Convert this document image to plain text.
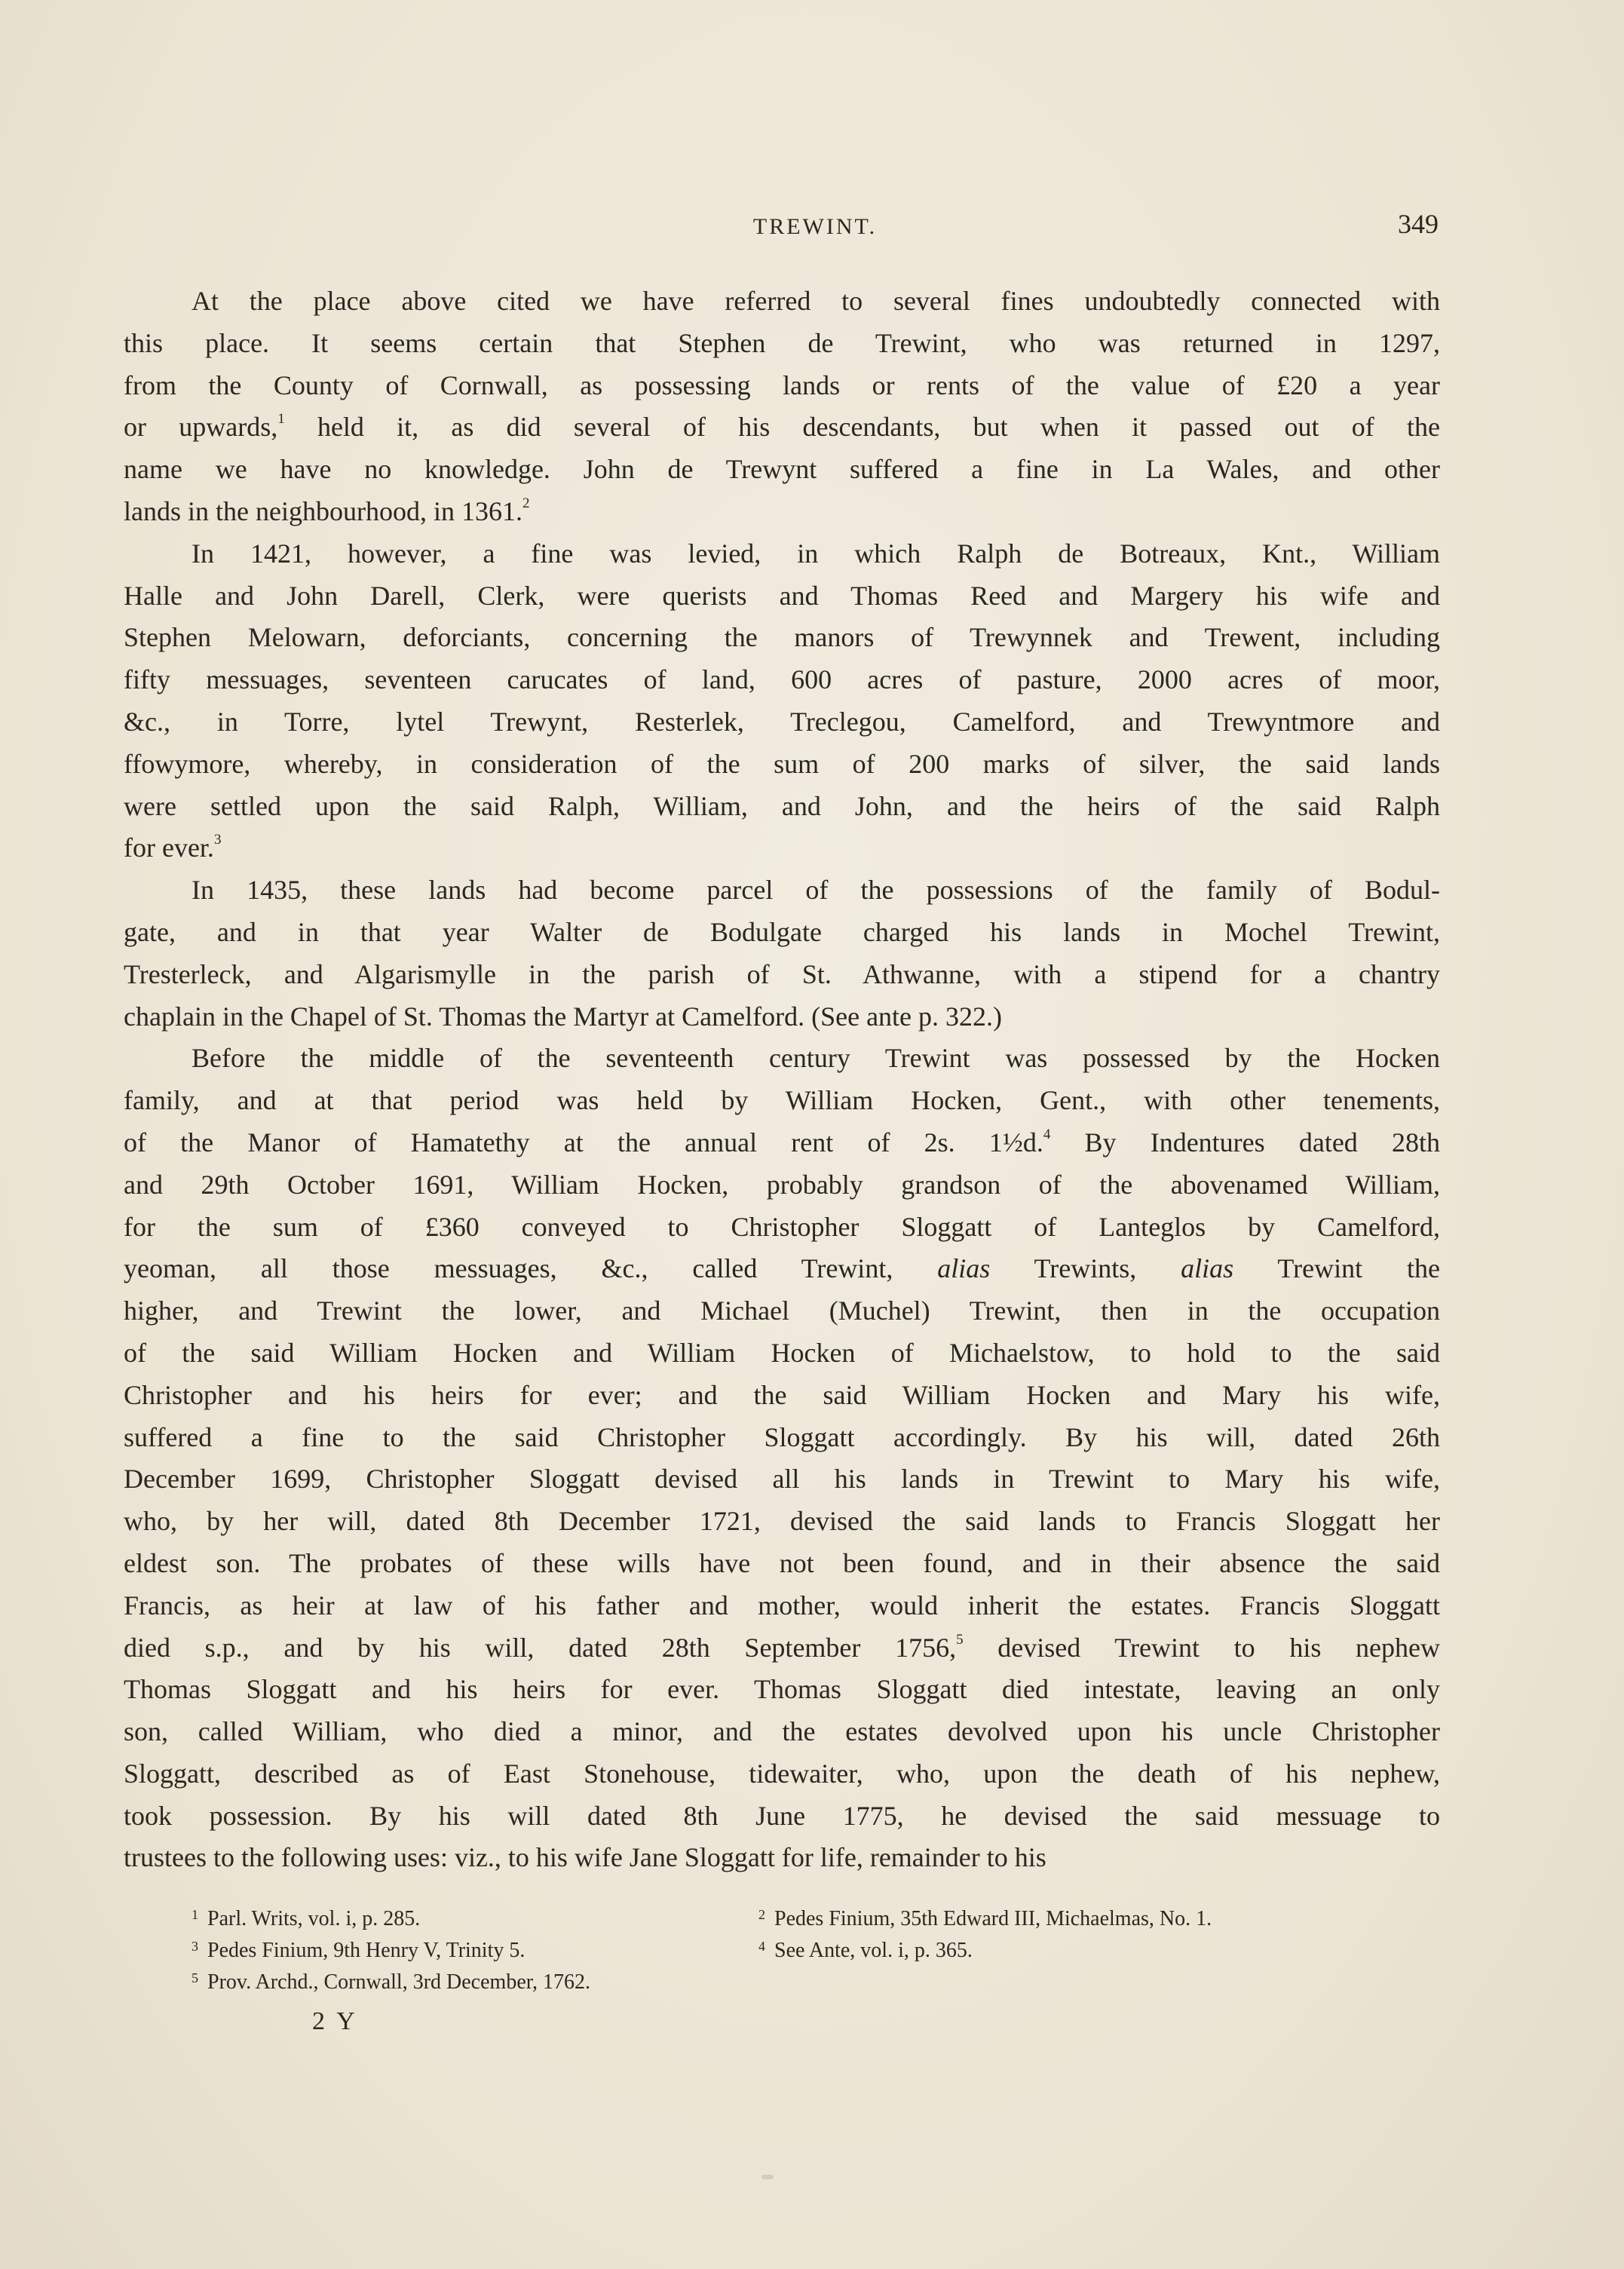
TREWINT.	349
At the place above cited we have referred to several fines undoubtedly connected with
this place. It seems certain that Stephen de Trewint, who was returned in 1297,
from the County of Cornwall, as possessing lands or rents of the value of £20 a year
or upwards,$^1$ held it, as did several of his descendants, but when it passed out of the
name we have no knowledge. John de Trewynt suffered a fine in La Wales, and other
lands in the neighbourhood, in 1361.$^2$
In 1421, however, a fine was levied, in which Ralph de Botreaux, Knt., William
Halle and John Darell, Clerk, were querists and Thomas Reed and Margery his wife and
Stephen Melowarn, deforciants, concerning the manors of Trewynnek and Trewent, including
fifty messuages, seventeen carucates of land, 600 acres of pasture, 2000 acres of moor,
&c., in Torre, lytel Trewynt, Resterlek, Treclegou, Camelford, and Trewyntmore and
ffowymore, whereby, in consideration of the sum of 200 marks of silver, the said lands
were settled upon the said Ralph, William, and John, and the heirs of the said Ralph
for ever.$^3$
In 1435, these lands had become parcel of the possessions of the family of Bodul-
gate, and in that year Walter de Bodulgate charged his lands in Mochel Trewint,
Tresterleck, and Algarismylle in the parish of St. Athwanne, with a stipend for a chantry
chaplain in the Chapel of St. Thomas the Martyr at Camelford. (See ante p. 322.)
Before the middle of the seventeenth century Trewint was possessed by the Hocken
family, and at that period was held by William Hocken, Gent., with other tenements,
of the Manor of Hamatethy at the annual rent of 2s. 1½d.$^4$ By Indentures dated 28th
and 29th October 1691, William Hocken, probably grandson of the abovenamed William,
for the sum of £360 conveyed to Christopher Sloggatt of Lanteglos by Camelford,
yeoman, all those messuages, &c., called Trewint, alias Trewints, alias Trewint the
higher, and Trewint the lower, and Michael (Muchel) Trewint, then in the occupation
of the said William Hocken and William Hocken of Michaelstow, to hold to the said
Christopher and his heirs for ever; and the said William Hocken and Mary his wife,
suffered a fine to the said Christopher Sloggatt accordingly. By his will, dated 26th
December 1699, Christopher Sloggatt devised all his lands in Trewint to Mary his wife,
who, by her will, dated 8th December 1721, devised the said lands to Francis Sloggatt her
eldest son. The probates of these wills have not been found, and in their absence the said
Francis, as heir at law of his father and mother, would inherit the estates. Francis Sloggatt
died s.p., and by his will, dated 28th September 1756,$^5$ devised Trewint to his nephew
Thomas Sloggatt and his heirs for ever. Thomas Sloggatt died intestate, leaving an only
son, called William, who died a minor, and the estates devolved upon his uncle Christopher
Sloggatt, described as of East Stonehouse, tidewaiter, who, upon the death of his nephew,
took possession. By his will dated 8th June 1775, he devised the said messuage to
trustees to the following uses: viz., to his wife Jane Sloggatt for life, remainder to his
$^1$ Parl. Writs, vol. i, p. 285.	$^2$ Pedes Finium, 35th Edward III, Michaelmas, No. 1.
$^3$ Pedes Finium, 9th Henry V, Trinity 5.	$^4$ See Ante, vol. i, p. 365.
$^5$ Prov. Archd., Cornwall, 3rd December, 1762.
2 Y
